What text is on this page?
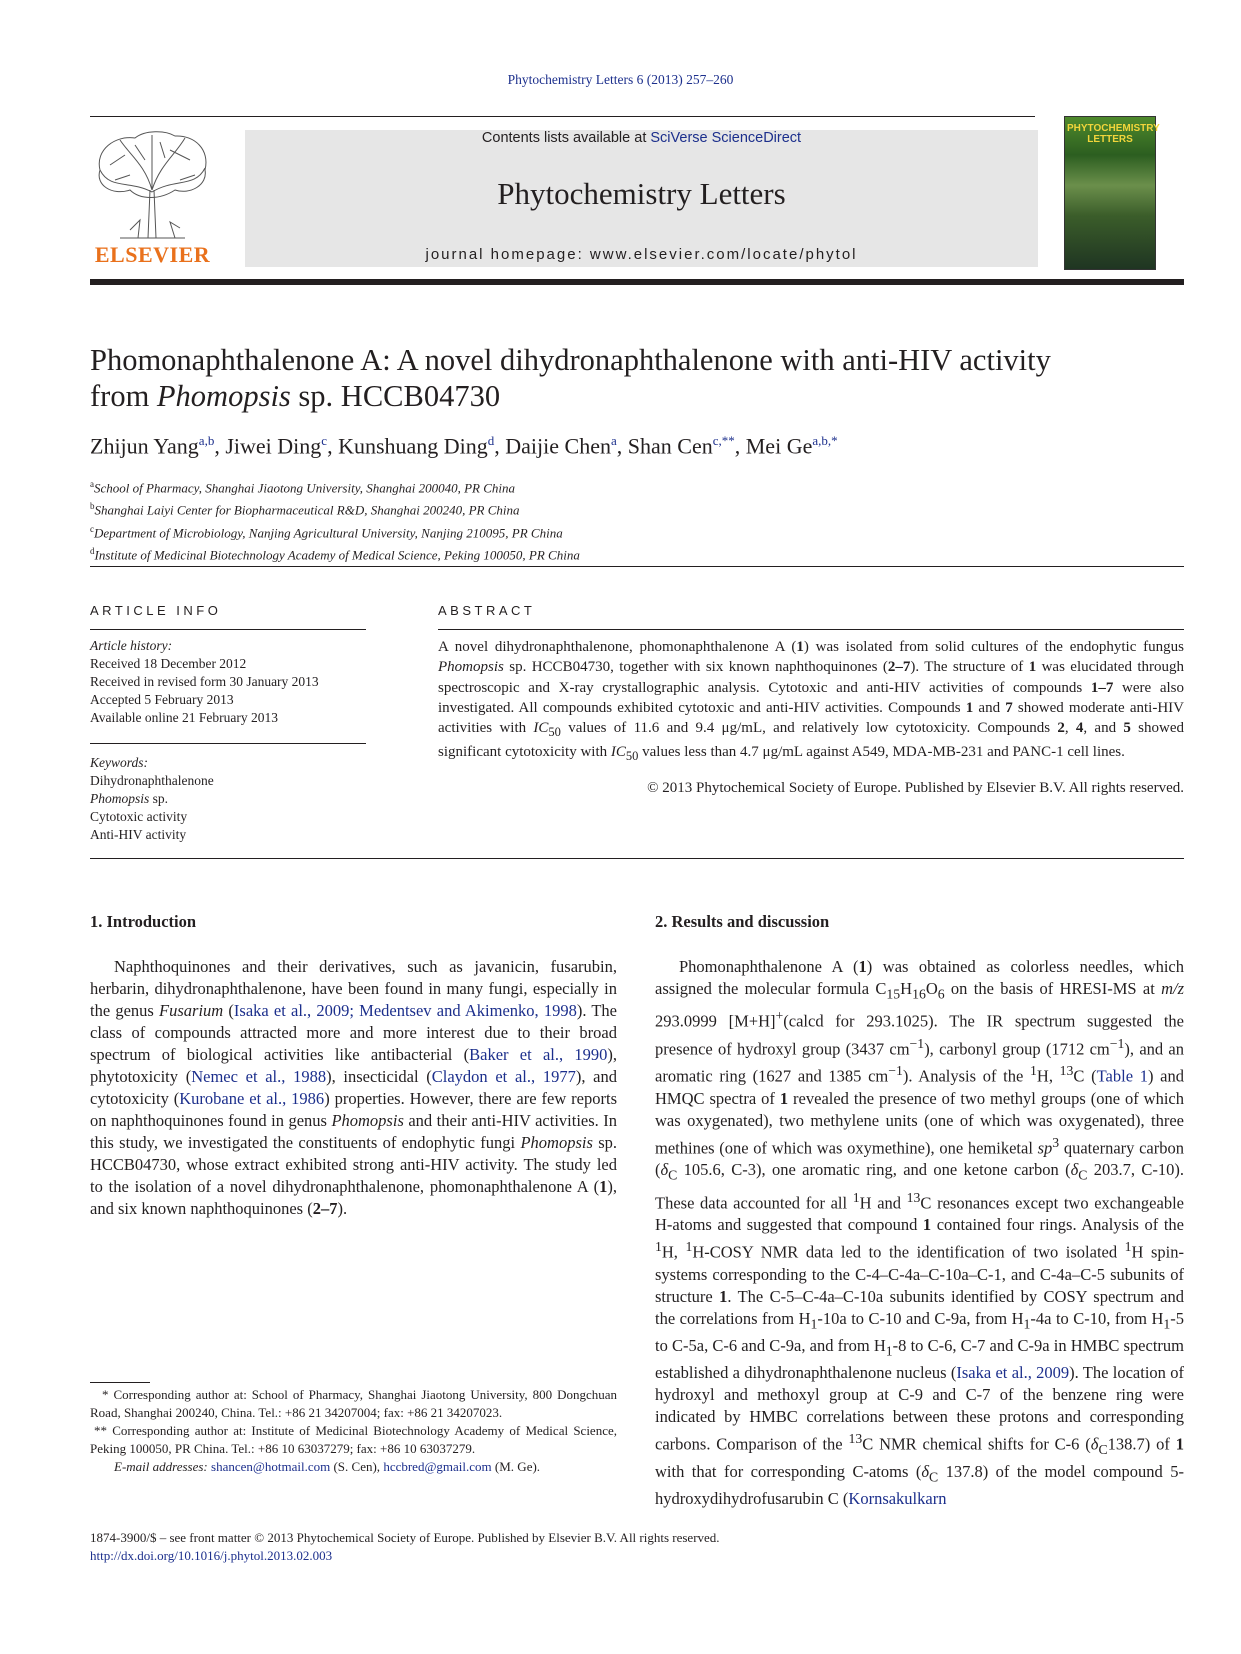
Phytochemistry Letters 6 (2013) 257–260
ELSEVIER
Contents lists available at SciVerse ScienceDirect
Phytochemistry Letters
journal homepage: www.elsevier.com/locate/phytol
PHYTOCHEMISTRY LETTERS
Phomonaphthalenone A: A novel dihydronaphthalenone with anti-HIV activity
from Phomopsis sp. HCCB04730
Zhijun Yang$^{a,b}$, Jiwei Ding$^c$, Kunshuang Ding$^d$, Daijie Chen$^a$, Shan Cen$^{c,**}$, Mei $Ge^{a,b,*}$
$^a$School of Pharmacy, Shanghai Jiaotong University, Shanghai 200040, PR China
$^b$Shanghai Laiyi Center for Biopharmaceutical R&D, Shanghai 200240, PR China
$^c$Department of Microbiology, Nanjing Agricultural University, Nanjing 210095, PR China
$^d$Institute of Medicinal Biotechnology Academy of Medical Science, Peking 100050, PR China
ARTICLE INFO
Article history:
Received 18 December 2012
Received in revised form 30 January 2013
Accepted 5 February 2013
Available online 21 February 2013
Keywords:
Dihydronaphthalenone
Phomopsis sp.
Cytotoxic activity
Anti-HIV activity
ABSTRACT
A novel dihydronaphthalenone, phomonaphthalenone A (1) was isolated from solid cultures of the endophytic fungus Phomopsis sp. HCCB04730, together with six known naphthoquinones (2–7). The structure of 1 was elucidated through spectroscopic and X-ray crystallographic analysis. Cytotoxic and anti-HIV activities of compounds 1–7 were also investigated. All compounds exhibited cytotoxic and anti-HIV activities. Compounds 1 and 7 showed moderate anti-HIV activities with $IC_{50}$ values of 11.6 and 9.4 μg/mL, and relatively low cytotoxicity. Compounds 2, 4, and 5 showed significant cytotoxicity with $IC_{50}$ values less than 4.7 μg/mL against A549, MDA-MB-231 and PANC-1 cell lines.
© 2013 Phytochemical Society of Europe. Published by Elsevier B.V. All rights reserved.
1. Introduction
Naphthoquinones and their derivatives, such as javanicin, fusarubin, herbarin, dihydronaphthalenone, have been found in many fungi, especially in the genus Fusarium (Isaka et al., 2009; Medentsev and Akimenko, 1998). The class of compounds attracted more and more interest due to their broad spectrum of biological activities like antibacterial (Baker et al., 1990), phytotoxicity (Nemec et al., 1988), insecticidal (Claydon et al., 1977), and cytotoxicity (Kurobane et al., 1986) properties. However, there are few reports on naphthoquinones found in genus Phomopsis and their anti-HIV activities. In this study, we investigated the constituents of endophytic fungi Phomopsis sp. HCCB04730, whose extract exhibited strong anti-HIV activity. The study led to the isolation of a novel dihydronaphthalenone, phomonaphthalenone A (1), and six known naphthoquinones (2–7).
2. Results and discussion
Phomonaphthalenone A (1) was obtained as colorless needles, which assigned the molecular formula $C_{15}H_{16}O_6$ on the basis of HRESI-MS at m/z 293.0999 [M+H]+(calcd for 293.1025). The IR spectrum suggested the presence of hydroxyl group (3437 $cm^{-1}$), carbonyl group (1712 $cm^{-1}$), and an aromatic ring (1627 and 1385 $cm^{-1}$). Analysis of the $^1$H, $^{13}$C (Table 1) and HMQC spectra of 1 revealed the presence of two methyl groups (one of which was oxygenated), two methylene units (one of which was oxygenated), three methines (one of which was oxymethine), one hemiketal $sp^3$ quaternary carbon ($\delta_C$ 105.6, C-3), one aromatic ring, and one ketone carbon ($\delta_C$ 203.7, C-10). These data accounted for all $^1$H and $^{13}$C resonances except two exchangeable H-atoms and suggested that compound 1 contained four rings. Analysis of the $^1$H, $^1$H-COSY NMR data led to the identification of two isolated $^1$H spin-systems corresponding to the C-4–C-4a–C-10a–C-1, and C-4a–C-5 subunits of structure 1. The C-5–C-4a–C-10a subunits identified by COSY spectrum and the correlations from $H_1-10a$ to C-10 and C-9a, from $H_1-4a$ to C-10, from $H_1-5$ to C-5a, C-6 and C-9a, and from $H_1-8$ to C-6, C-7 and C-9a in HMBC spectrum established a dihydronaphthalenone nucleus (Isaka et al., 2009). The location of hydroxyl and methoxyl group at C-9 and C-7 of the benzene ring were indicated by HMBC correlations between these protons and corresponding carbons. Comparison of the $^{13}$C NMR chemical shifts for C-6 $(\delta_C138.7)$ of 1 with that for corresponding C-atoms ($\delta_C$ 137.8) of the model compound 5-hydroxydihydrofusarubin C (Kornsakulkarn
* Corresponding author at: School of Pharmacy, Shanghai Jiaotong University, 800 Dongchuan Road, Shanghai 200240, China. Tel.: +86 21 34207004; fax: +86 21 34207023.
** Corresponding author at: Institute of Medicinal Biotechnology Academy of Medical Science, Peking 100050, PR China. Tel.: +86 10 63037279; fax: +86 10 63037279.
E-mail addresses: shancen@hotmail.com (S. Cen), hccbred@gmail.com (M. Ge).
1874-3900/$ – see front matter © 2013 Phytochemical Society of Europe. Published by Elsevier B.V. All rights reserved.
http://dx.doi.org/10.1016/j.phytol.2013.02.003
